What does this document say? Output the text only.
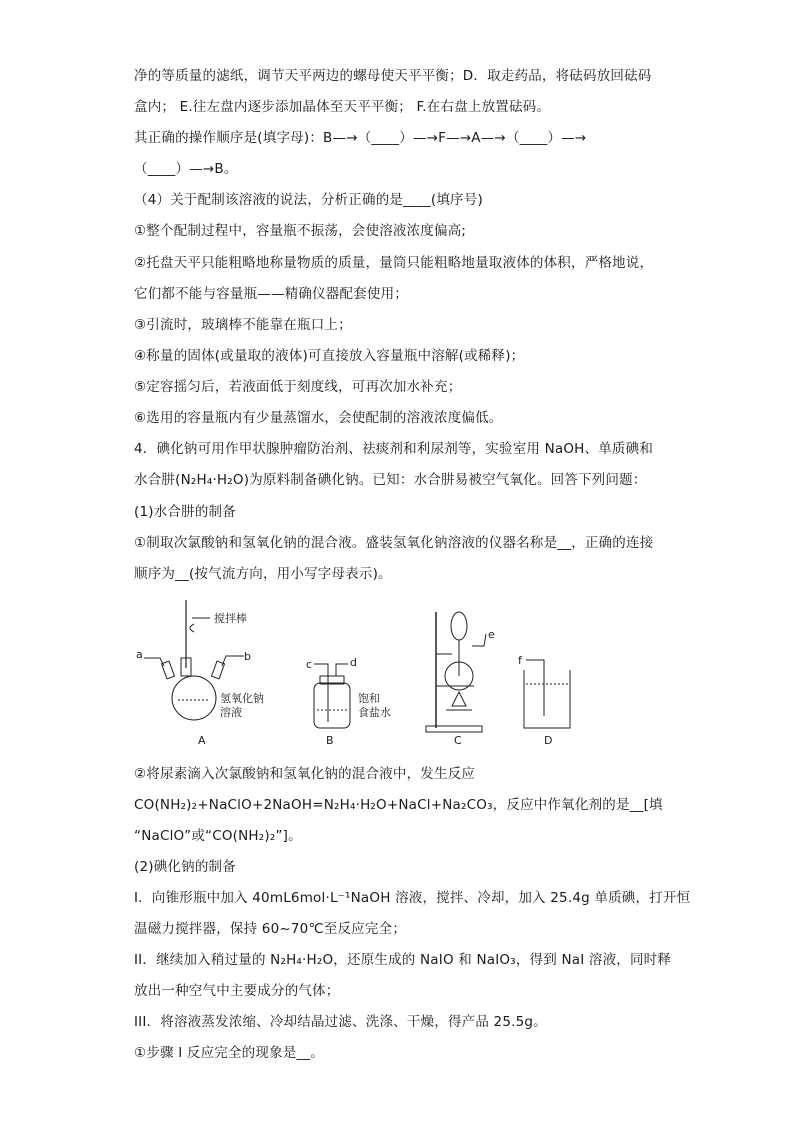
净的等质量的滤纸，调节天平两边的螺母使天平平衡；D．取走药品，将砝码放回砝码
盒内； E.往左盘内逐步添加晶体至天平平衡； F.在右盘上放置砝码。
其正确的操作顺序是(填字母)：B—→（____）—→F—→A—→（____）—→
（____）—→B。
（4）关于配制该溶液的说法，分析正确的是____(填序号)
①整个配制过程中，容量瓶不振荡，会使溶液浓度偏高;
②托盘天平只能粗略地称量物质的质量，量筒只能粗略地量取液体的体积，严格地说，
它们都不能与容量瓶——精确仪器配套使用；
③引流时，玻璃棒不能靠在瓶口上；
④称量的固体(或量取的液体)可直接放入容量瓶中溶解(或稀释)；
⑤定容摇匀后，若液面低于刻度线，可再次加水补充；
⑥选用的容量瓶内有少量蒸馏水，会使配制的溶液浓度偏低。
4．碘化钠可用作甲状腺肿瘤防治剂、祛痰剂和利尿剂等，实验室用 NaOH、单质碘和
水合肼(N₂H₄·H₂O)为原料制备碘化钠。已知：水合肼易被空气氧化。回答下列问题：
(1)水合肼的制备
①制取次氯酸钠和氢氧化钠的混合液。盛装氢氧化钠溶液的仪器名称是__，正确的连接
顺序为__(按气流方向，用小写字母表示)。
a	b
搅拌棒
氢氧化钠
溶液
A
c	d
饱和
食盐水
B
e
C
f
D
②将尿素滴入次氯酸钠和氢氧化钠的混合液中，发生反应
CO(NH₂)₂+NaClO+2NaOH=N₂H₄·H₂O+NaCl+Na₂CO₃，反应中作氧化剂的是__[填
“NaClO”或“CO(NH₂)₂”]。
(2)碘化钠的制备
I．向锥形瓶中加入 40mL6mol·L⁻¹NaOH 溶液，搅拌、冷却，加入 25.4g 单质碘，打开恒
温磁力搅拌器，保持 60~70℃至反应完全；
II．继续加入稍过量的 N₂H₄·H₂O，还原生成的 NaIO 和 NaIO₃，得到 NaI 溶液，同时释
放出一种空气中主要成分的气体；
III．将溶液蒸发浓缩、冷却结晶过滤、洗涤、干燥，得产品 25.5g。
①步骤 I 反应完全的现象是__。
